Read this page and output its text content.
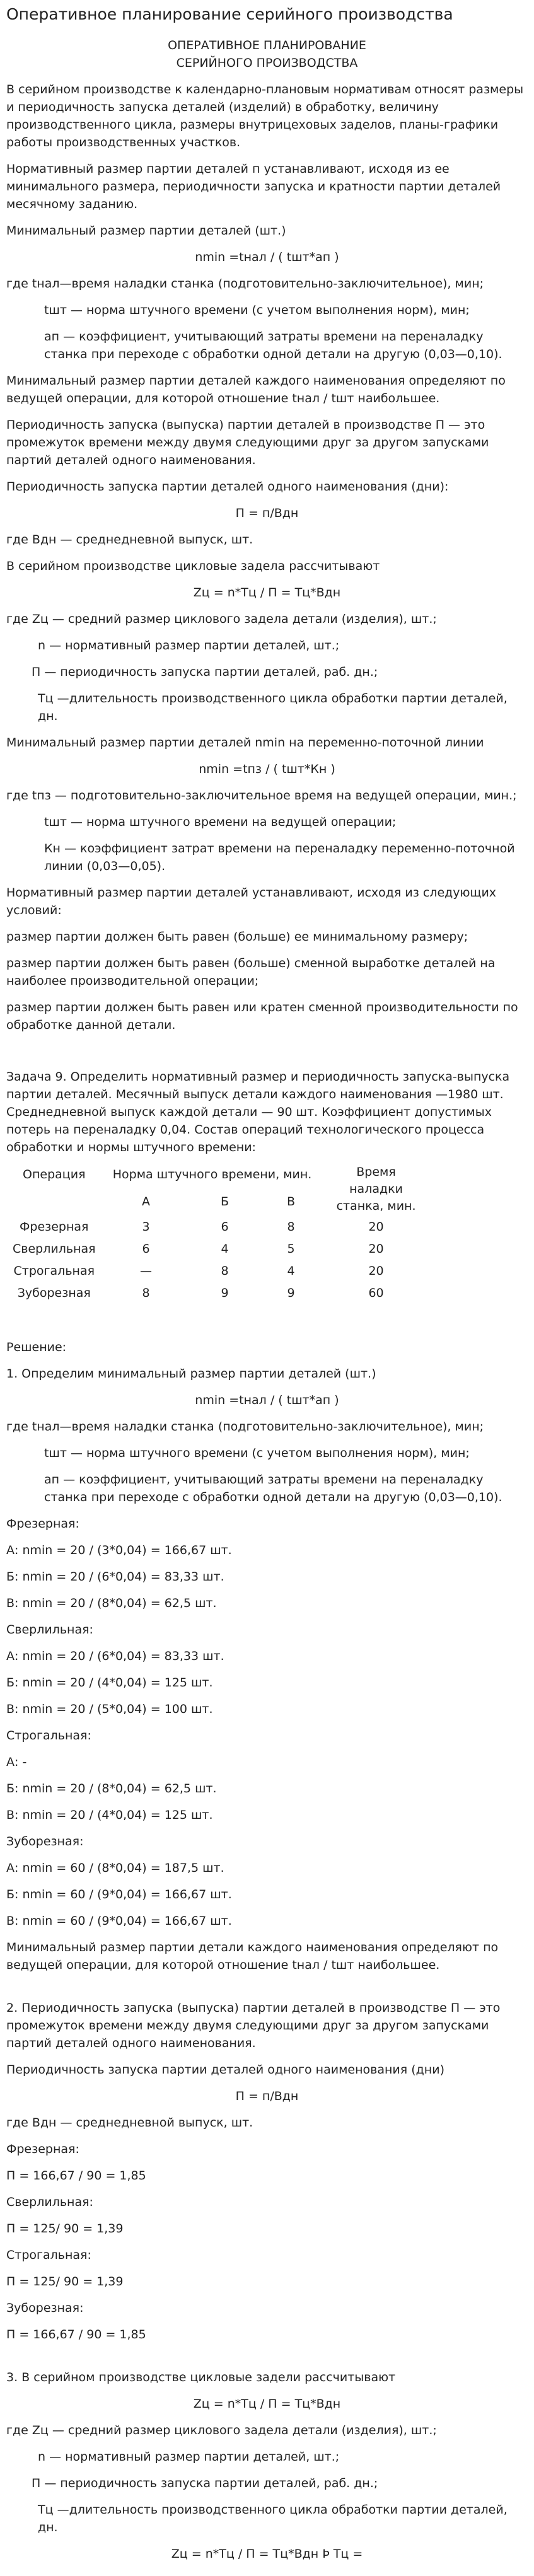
Оперативное планирование серийного производства

ОПЕРАТИВНОЕ ПЛАНИРОВАНИЕ

СЕРИЙНОГО ПРОИЗВОДСТВА

В серийном производстве к календарно-плановым нормативам относят размеры и периодичность запуска деталей (изделий) в обработку, величину производственного цикла, размеры внутрицеховых заделов, планы-графики работы производственных участков.

Нормативный размер партии деталей п устанавливают, исходя из ее минимального размера, периодичности запуска и кратности партии деталей месячному заданию.

Минимальный размер партии деталей (шт.)

nmin =tнал / ( tшт*ап )

где tнал—время наладки станка (подготовительно-заключительное), мин;

tшт — норма штучного времени (с учетом выполнения норм), мин;

ап — коэффициент, учитывающий затраты времени на переналадку станка при переходе с обработки одной детали на другую (0,03—0,10).

Минимальный размер партии деталей каждого наименования определяют по ведущей операции, для которой отношение tнал / tшт наибольшее.

Периодичность запуска (выпуска) партии деталей в производстве П — это промежуток времени между двумя следующими друг за другом запусками партий деталей одного наименования.

Периодичность запуска партии деталей одного наименования (дни):

П = п/Вдн

где Вдн — среднедневной выпуск, шт.

В серийном производстве цикловые задела рассчитывают

Zц = n*Тц / П = Тц*Вдн

где Zц — средний размер циклового задела детали (изделия), шт.;

n — нормативный размер партии деталей, шт.;

П — периодичность запуска партии деталей, раб. дн.;

Тц —длительность производственного цикла обработки партии деталей, дн.

Минимальный размер партии деталей nmin на переменно-поточной линии

nmin =tпз / ( tшт*Кн )

где tпз — подготовительно-заключительное время на ведущей операции, мин.;

tшт — норма штучного времени на ведущей операции;

Кн — коэффициент затрат времени на переналадку переменно-поточной линии (0,03—0,05).

Нормативный размер партии деталей устанавливают, исходя из следующих условий:

размер партии должен быть равен (больше) ее минимальному размеру;

размер партии должен быть равен (больше) сменной выработке деталей на наиболее производительной операции;

размер партии должен быть равен или кратен сменной производительности по обработке данной детали.

Задача 9. Определить нормативный размер и периодичность запуска-выпуска партии деталей. Месячный выпуск детали каждого наименования —1980 шт. Среднедневной выпуск каждой детали — 90 шт. Коэффициент допустимых потерь на переналадку 0,04. Состав операций технологического процесса обработки и нормы штучного времени:

Операция	Норма штучного времени, мин.			Время наладки станка, мин.
	А	Б	В	
Фрезерная	3	6	8	20
Сверлильная	6	4	5	20
Строгальная	—	8	4	20
Зуборезная	8	9	9	60

Решение:

1. Определим минимальный размер партии деталей (шт.)

nmin =tнал / ( tшт*ап )

где tнал—время наладки станка (подготовительно-заключительное), мин;

tшт — норма штучного времени (с учетом выполнения норм), мин;

ап — коэффициент, учитывающий затраты времени на переналадку станка при переходе с обработки одной детали на другую (0,03—0,10).

Фрезерная:

А: nmin = 20 / (3*0,04) = 166,67 шт.

Б: nmin = 20 / (6*0,04) = 83,33 шт.

В: nmin = 20 / (8*0,04) = 62,5 шт.

Сверлильная:

А: nmin = 20 / (6*0,04) = 83,33 шт.

Б: nmin = 20 / (4*0,04) = 125 шт.

В: nmin = 20 / (5*0,04) = 100 шт.

Строгальная:

А: -

Б: nmin = 20 / (8*0,04) = 62,5 шт.

В: nmin = 20 / (4*0,04) = 125 шт.

Зуборезная:

А: nmin = 60 / (8*0,04) = 187,5 шт.

Б: nmin = 60 / (9*0,04) = 166,67 шт.

В: nmin = 60 / (9*0,04) = 166,67 шт.

Минимальный размер партии детали каждого наименования определяют по ведущей операции, для которой отношение tнал / tшт наибольшее.

2. Периодичность запуска (выпуска) партии деталей в производстве П — это промежуток времени между двумя следующими друг за другом запусками партий деталей одного наименования.

Периодичность запуска партии деталей одного наименования (дни)

П = п/Вдн

где Вдн — среднедневной выпуск, шт.

Фрезерная:

П = 166,67 / 90 = 1,85

Сверлильная:

П = 125/ 90 = 1,39

Строгальная:

П = 125/ 90 = 1,39

Зуборезная:

П = 166,67 / 90 = 1,85

3. В серийном производстве цикловые задели рассчитывают

Zц = n*Тц / П = Тц*Вдн

где Zц — средний размер циклового задела детали (изделия), шт.;

n — нормативный размер партии деталей, шт.;

П — периодичность запуска партии деталей, раб. дн.;

Тц —длительность производственного цикла обработки партии деталей, дн.

Zц = n*Тц / П = Тц*Вдн Þ Тц =
